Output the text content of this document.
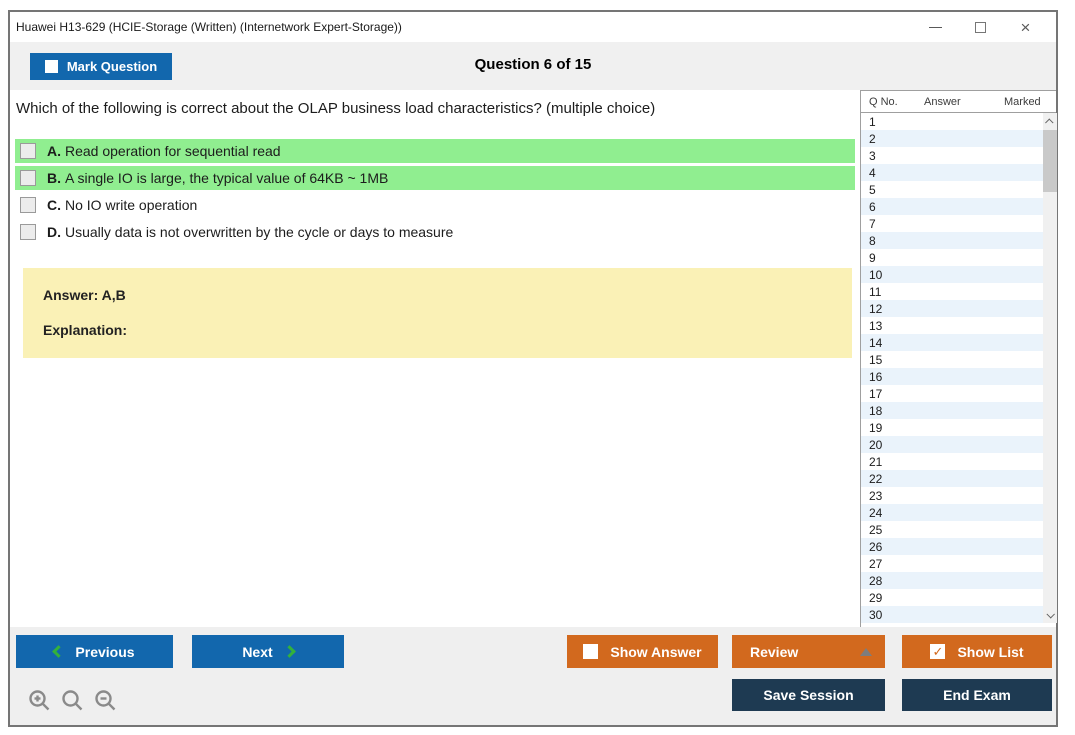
Huawei H13-629 (HCIE-Storage (Written) (Internetwork Expert-Storage))	×
Mark Question	Question 6 of 15
Which of the following is correct about the OLAP business load characteristics? (multiple choice)
A. Read operation for sequential read
B. A single IO is large, the typical value of 64KB ~ 1MB
C. No IO write operation
D. Usually data is not overwritten by the cycle or days to measure
Answer: A,B
Explanation:
Q No.	Answer	Marked
1
2
3
4
5
6
7
8
9
10
11
12
13
14
15
16
17
18
19
20
21
22
23
24
25
26
27
28
29
30
Previous	Next	Show Answer	Review	✓ Show List
Save Session	End Exam
